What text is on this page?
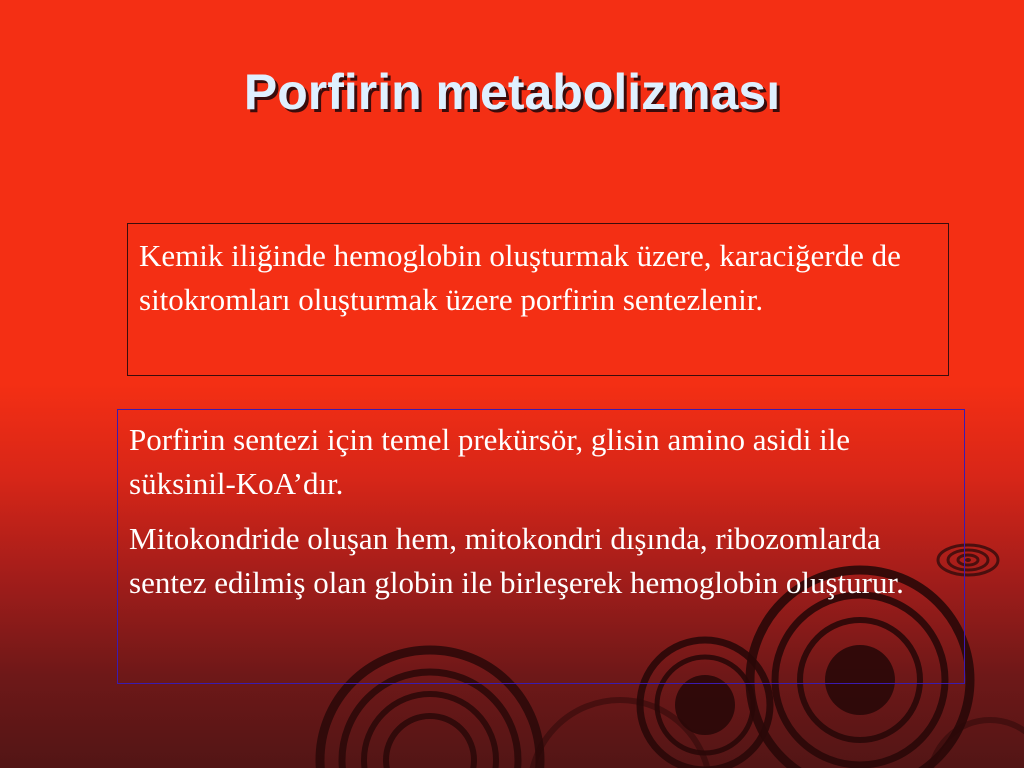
Porfirin metabolizması

Kemik iliğinde hemoglobin oluşturmak üzere, karaciğerde de sitokromları oluşturmak üzere porfirin sentezlenir.

Porfirin sentezi için temel prekürsör, glisin amino asidi ile süksinil-KoA’dır.

Mitokondride oluşan hem, mitokondri dışında, ribozomlarda sentez edilmiş olan globin ile birleşerek hemoglobin oluşturur.
